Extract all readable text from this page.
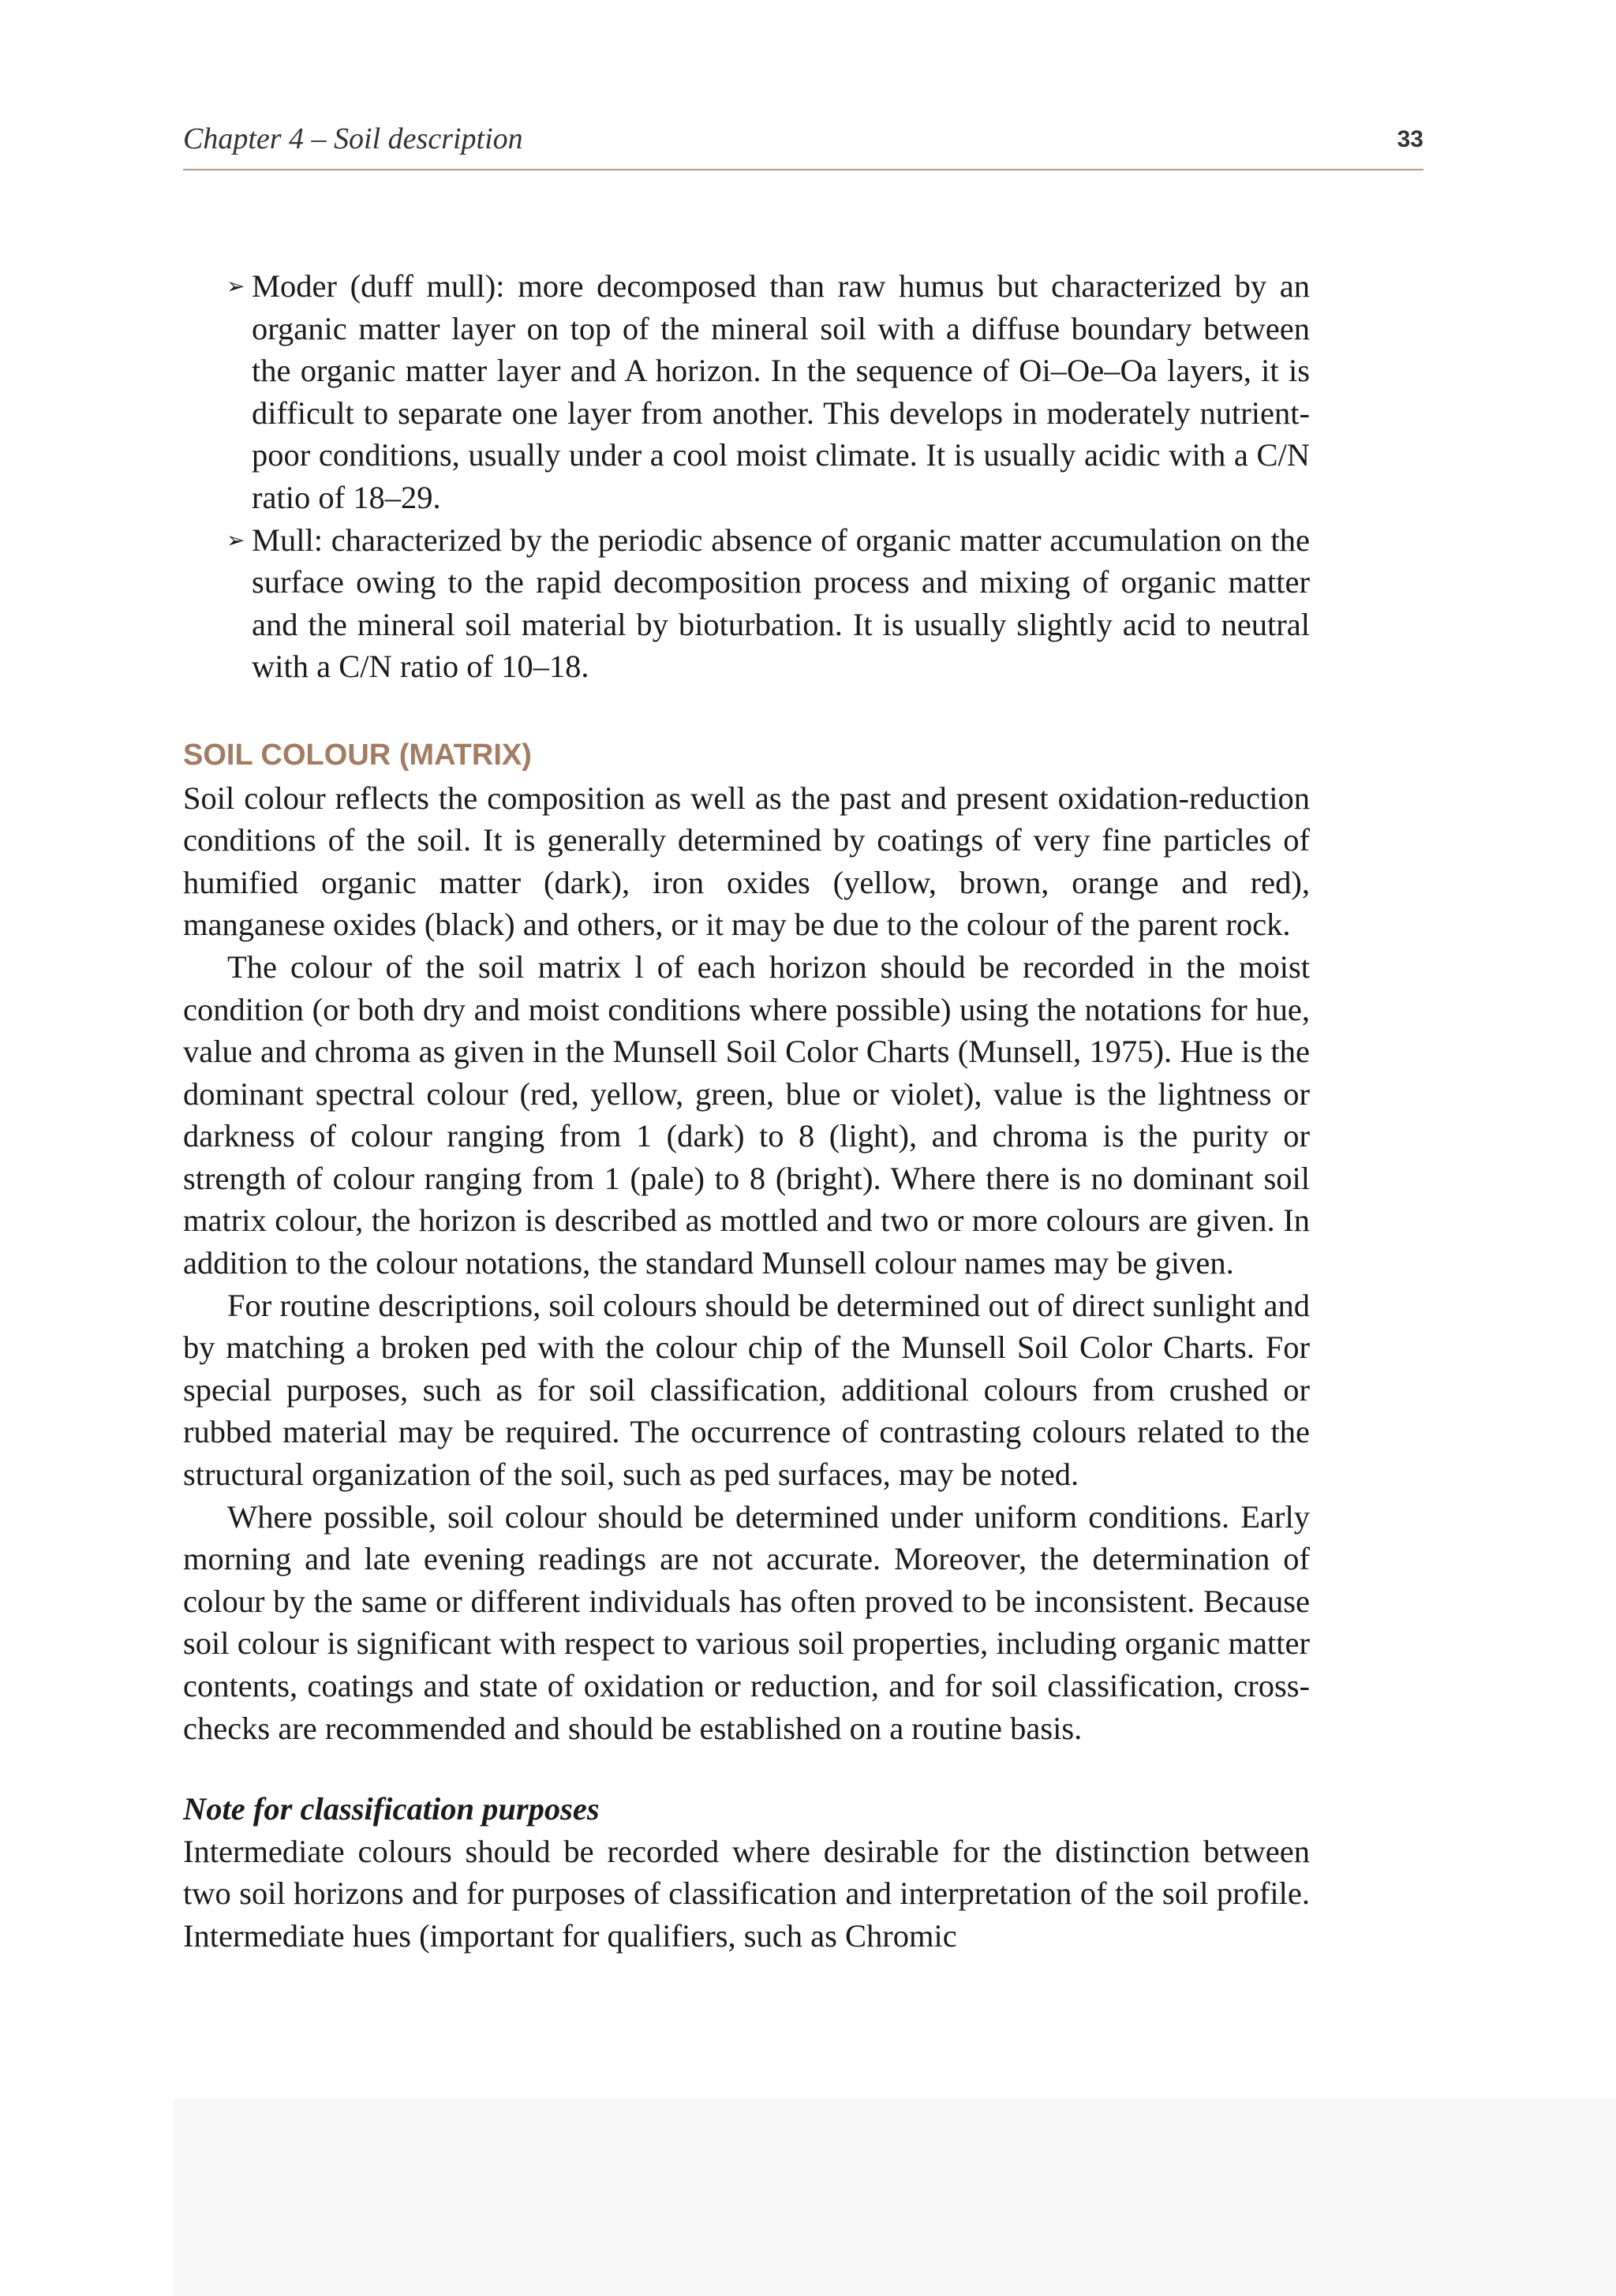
Chapter 4 – Soil description	33
➢ Moder (duff mull): more decomposed than raw humus but characterized by an organic matter layer on top of the mineral soil with a diffuse boundary between the organic matter layer and A horizon. In the sequence of Oi–Oe–Oa layers, it is difficult to separate one layer from another. This develops in moderately nutrient-poor conditions, usually under a cool moist climate. It is usually acidic with a C/N ratio of 18–29.
➢ Mull: characterized by the periodic absence of organic matter accumulation on the surface owing to the rapid decomposition process and mixing of organic matter and the mineral soil material by bioturbation. It is usually slightly acid to neutral with a C/N ratio of 10–18.
SOIL COLOUR (MATRIX)

Soil colour reflects the composition as well as the past and present oxidation-reduction conditions of the soil. It is generally determined by coatings of very fine particles of humified organic matter (dark), iron oxides (yellow, brown, orange and red), manganese oxides (black) and others, or it may be due to the colour of the parent rock.

The colour of the soil matrix l of each horizon should be recorded in the moist condition (or both dry and moist conditions where possible) using the notations for hue, value and chroma as given in the Munsell Soil Color Charts (Munsell, 1975). Hue is the dominant spectral colour (red, yellow, green, blue or violet), value is the lightness or darkness of colour ranging from 1 (dark) to 8 (light), and chroma is the purity or strength of colour ranging from 1 (pale) to 8 (bright). Where there is no dominant soil matrix colour, the horizon is described as mottled and two or more colours are given. In addition to the colour notations, the standard Munsell colour names may be given.

For routine descriptions, soil colours should be determined out of direct sunlight and by matching a broken ped with the colour chip of the Munsell Soil Color Charts. For special purposes, such as for soil classification, additional colours from crushed or rubbed material may be required. The occurrence of contrasting colours related to the structural organization of the soil, such as ped surfaces, may be noted.

Where possible, soil colour should be determined under uniform conditions. Early morning and late evening readings are not accurate. Moreover, the determination of colour by the same or different individuals has often proved to be inconsistent. Because soil colour is significant with respect to various soil properties, including organic matter contents, coatings and state of oxidation or reduction, and for soil classification, cross-checks are recommended and should be established on a routine basis.

Note for classification purposes

Intermediate colours should be recorded where desirable for the distinction between two soil horizons and for purposes of classification and interpretation of the soil profile. Intermediate hues (important for qualifiers, such as Chromic
